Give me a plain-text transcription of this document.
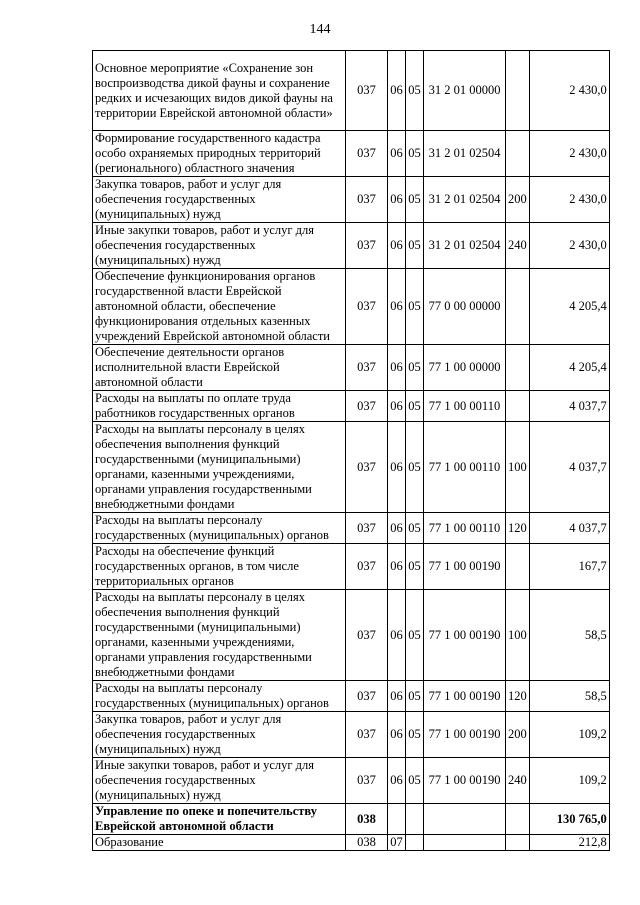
144
Основное мероприятие «Сохранение зон воспроизводства дикой фауны и сохранение редких и исчезающих видов дикой фауны на территории Еврейской автономной области»	037	06	05	31 2 01 00000		2 430,0
Формирование государственного кадастра особо охраняемых природных территорий (регионального) областного значения	037	06	05	31 2 01 02504		2 430,0
Закупка товаров, работ и услуг для обеспечения государственных (муниципальных) нужд	037	06	05	31 2 01 02504	200	2 430,0
Иные закупки товаров, работ и услуг для обеспечения государственных (муниципальных) нужд	037	06	05	31 2 01 02504	240	2 430,0
Обеспечение функционирования органов государственной власти Еврейской автономной области, обеспечение функционирования отдельных казенных учреждений Еврейской автономной области	037	06	05	77 0 00 00000		4 205,4
Обеспечение деятельности органов исполнительной власти Еврейской автономной области	037	06	05	77 1 00 00000		4 205,4
Расходы на выплаты по оплате труда работников государственных органов	037	06	05	77 1 00 00110		4 037,7
Расходы на выплаты персоналу в целях обеспечения выполнения функций государственными (муниципальными) органами, казенными учреждениями, органами управления государственными внебюджетными фондами	037	06	05	77 1 00 00110	100	4 037,7
Расходы на выплаты персоналу государственных (муниципальных) органов	037	06	05	77 1 00 00110	120	4 037,7
Расходы на обеспечение функций государственных органов, в том числе территориальных органов	037	06	05	77 1 00 00190		167,7
Расходы на выплаты персоналу в целях обеспечения выполнения функций государственными (муниципальными) органами, казенными учреждениями, органами управления государственными внебюджетными фондами	037	06	05	77 1 00 00190	100	58,5
Расходы на выплаты персоналу государственных (муниципальных) органов	037	06	05	77 1 00 00190	120	58,5
Закупка товаров, работ и услуг для обеспечения государственных (муниципальных) нужд	037	06	05	77 1 00 00190	200	109,2
Иные закупки товаров, работ и услуг для обеспечения государственных (муниципальных) нужд	037	06	05	77 1 00 00190	240	109,2
Управление по опеке и попечительству Еврейской автономной области	038					130 765,0
Образование	038	07				212,8
